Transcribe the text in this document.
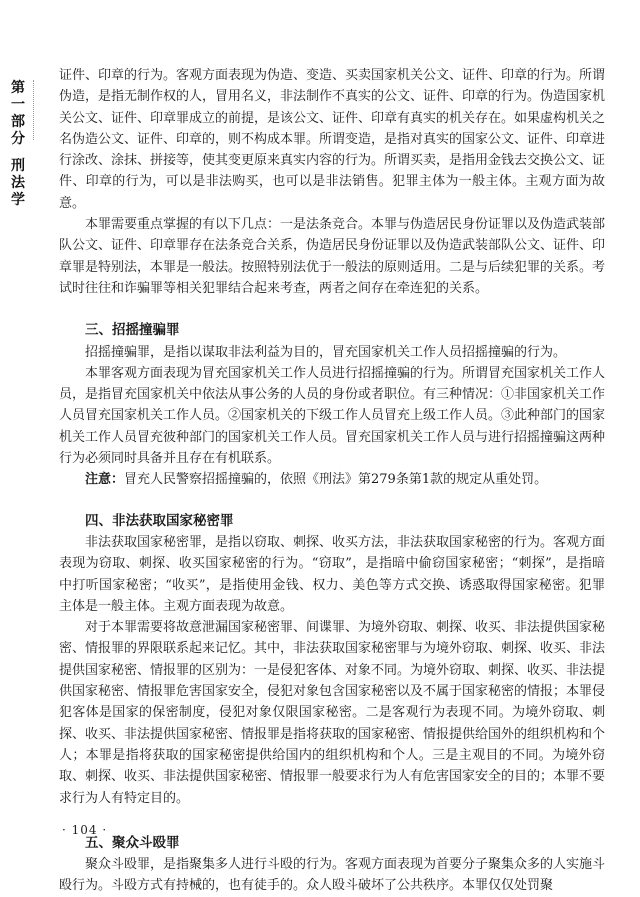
第
一
部
分
刑
法
学

证件、印章的行为。客观方面表现为伪造、变造、买卖国家机关公文、证件、印章的行为。所谓伪造，是指无制作权的人，冒用名义，非法制作不真实的公文、证件、印章的行为。伪造国家机关公文、证件、印章罪成立的前提，是该公文、证件、印章有真实的机关存在。如果虚构机关之名伪造公文、证件、印章的，则不构成本罪。所谓变造，是指对真实的国家公文、证件、印章进行涂改、涂抹、拼接等，使其变更原来真实内容的行为。所谓买卖，是指用金钱去交换公文、证件、印章的行为，可以是非法购买，也可以是非法销售。犯罪主体为一般主体。主观方面为故意。

本罪需要重点掌握的有以下几点：一是法条竞合。本罪与伪造居民身份证罪以及伪造武装部队公文、证件、印章罪存在法条竞合关系，伪造居民身份证罪以及伪造武装部队公文、证件、印章罪是特别法，本罪是一般法。按照特别法优于一般法的原则适用。二是与后续犯罪的关系。考试时往往和诈骗罪等相关犯罪结合起来考查，两者之间存在牵连犯的关系。

三、招摇撞骗罪

招摇撞骗罪，是指以谋取非法利益为目的，冒充国家机关工作人员招摇撞骗的行为。

本罪客观方面表现为冒充国家机关工作人员进行招摇撞骗的行为。所谓冒充国家机关工作人员，是指冒充国家机关中依法从事公务的人员的身份或者职位。有三种情况：①非国家机关工作人员冒充国家机关工作人员。②国家机关的下级工作人员冒充上级工作人员。③此种部门的国家机关工作人员冒充彼种部门的国家机关工作人员。冒充国家机关工作人员与进行招摇撞骗这两种行为必须同时具备并且存在有机联系。

注意：冒充人民警察招摇撞骗的，依照《刑法》第279条第1款的规定从重处罚。

四、非法获取国家秘密罪

非法获取国家秘密罪，是指以窃取、刺探、收买方法，非法获取国家秘密的行为。客观方面表现为窃取、刺探、收买国家秘密的行为。“窃取”，是指暗中偷窃国家秘密；“刺探”，是指暗中打听国家秘密；“收买”，是指使用金钱、权力、美色等方式交换、诱惑取得国家秘密。犯罪主体是一般主体。主观方面表现为故意。

对于本罪需要将故意泄漏国家秘密罪、间谍罪、为境外窃取、刺探、收买、非法提供国家秘密、情报罪的界限联系起来记忆。其中，非法获取国家秘密罪与为境外窃取、刺探、收买、非法提供国家秘密、情报罪的区别为：一是侵犯客体、对象不同。为境外窃取、刺探、收买、非法提供国家秘密、情报罪危害国家安全，侵犯对象包含国家秘密以及不属于国家秘密的情报；本罪侵犯客体是国家的保密制度，侵犯对象仅限国家秘密。二是客观行为表现不同。为境外窃取、刺探、收买、非法提供国家秘密、情报罪是指将获取的国家秘密、情报提供给国外的组织机构和个人；本罪是指将获取的国家秘密提供给国内的组织机构和个人。三是主观目的不同。为境外窃取、刺探、收买、非法提供国家秘密、情报罪一般要求行为人有危害国家安全的目的；本罪不要求行为人有特定目的。

五、聚众斗殴罪

聚众斗殴罪，是指聚集多人进行斗殴的行为。客观方面表现为首要分子聚集众多的人实施斗殴行为。斗殴方式有持械的，也有徒手的。众人殴斗破坏了公共秩序。本罪仅仅处罚聚

· 104 ·
